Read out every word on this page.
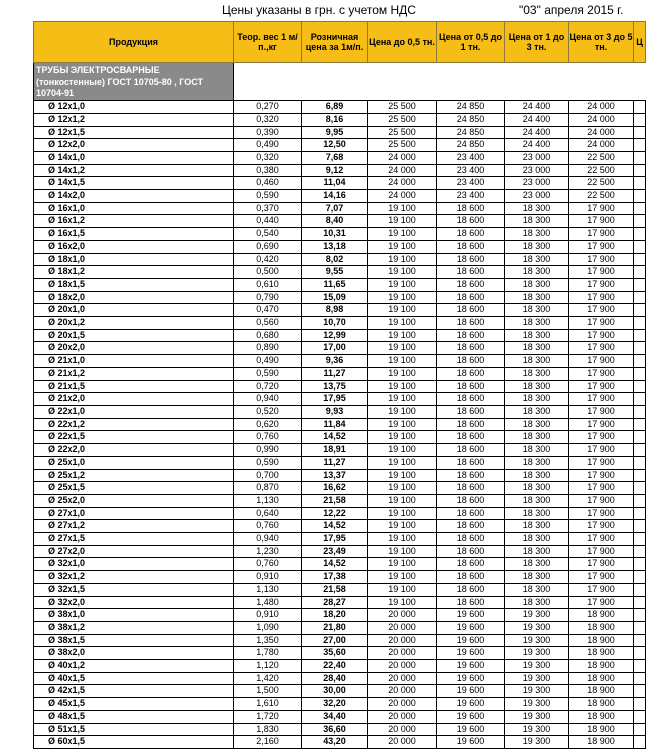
Цены указаны в грн. с учетом НДС	"03" апреля 2015 г.
Продукция	Теор. вес 1 м/п.,кг	Розничная цена за 1м/п.	Цена до 0,5 тн.	Цена от 0,5 до 1 тн.	Цена от 1 до 3 тн.	Цена от 3 до 5 тн.	Ц
ТРУБЫ ЭЛЕКТРОСВАРНЫЕ (тонкостенные) ГОСТ 10705-80 , ГОСТ 10704-91							
Ø 12х1,0	0,270	6,89	25 500	24 850	24 400	24 000	
Ø 12х1,2	0,320	8,16	25 500	24 850	24 400	24 000	
Ø 12х1,5	0,390	9,95	25 500	24 850	24 400	24 000	
Ø 12х2,0	0,490	12,50	25 500	24 850	24 400	24 000	
Ø 14х1,0	0,320	7,68	24 000	23 400	23 000	22 500	
Ø 14х1,2	0,380	9,12	24 000	23 400	23 000	22 500	
Ø 14х1,5	0,460	11,04	24 000	23 400	23 000	22 500	
Ø 14х2,0	0,590	14,16	24 000	23 400	23 000	22 500	
Ø 16х1,0	0,370	7,07	19 100	18 600	18 300	17 900	
Ø 16х1,2	0,440	8,40	19 100	18 600	18 300	17 900	
Ø 16х1,5	0,540	10,31	19 100	18 600	18 300	17 900	
Ø 16х2,0	0,690	13,18	19 100	18 600	18 300	17 900	
Ø 18х1,0	0,420	8,02	19 100	18 600	18 300	17 900	
Ø 18х1,2	0,500	9,55	19 100	18 600	18 300	17 900	
Ø 18х1,5	0,610	11,65	19 100	18 600	18 300	17 900	
Ø 18х2,0	0,790	15,09	19 100	18 600	18 300	17 900	
Ø 20х1,0	0,470	8,98	19 100	18 600	18 300	17 900	
Ø 20х1,2	0,560	10,70	19 100	18 600	18 300	17 900	
Ø 20х1,5	0,680	12,99	19 100	18 600	18 300	17 900	
Ø 20х2,0	0,890	17,00	19 100	18 600	18 300	17 900	
Ø 21х1,0	0,490	9,36	19 100	18 600	18 300	17 900	
Ø 21х1,2	0,590	11,27	19 100	18 600	18 300	17 900	
Ø 21х1,5	0,720	13,75	19 100	18 600	18 300	17 900	
Ø 21х2,0	0,940	17,95	19 100	18 600	18 300	17 900	
Ø 22х1,0	0,520	9,93	19 100	18 600	18 300	17 900	
Ø 22х1,2	0,620	11,84	19 100	18 600	18 300	17 900	
Ø 22х1,5	0,760	14,52	19 100	18 600	18 300	17 900	
Ø 22х2,0	0,990	18,91	19 100	18 600	18 300	17 900	
Ø 25х1,0	0,590	11,27	19 100	18 600	18 300	17 900	
Ø 25х1,2	0,700	13,37	19 100	18 600	18 300	17 900	
Ø 25х1,5	0,870	16,62	19 100	18 600	18 300	17 900	
Ø 25х2,0	1,130	21,58	19 100	18 600	18 300	17 900	
Ø 27х1,0	0,640	12,22	19 100	18 600	18 300	17 900	
Ø 27х1,2	0,760	14,52	19 100	18 600	18 300	17 900	
Ø 27х1,5	0,940	17,95	19 100	18 600	18 300	17 900	
Ø 27х2,0	1,230	23,49	19 100	18 600	18 300	17 900	
Ø 32х1,0	0,760	14,52	19 100	18 600	18 300	17 900	
Ø 32х1,2	0,910	17,38	19 100	18 600	18 300	17 900	
Ø 32х1,5	1,130	21,58	19 100	18 600	18 300	17 900	
Ø 32х2,0	1,480	28,27	19 100	18 600	18 300	17 900	
Ø 38х1,0	0,910	18,20	20 000	19 600	19 300	18 900	
Ø 38х1,2	1,090	21,80	20 000	19 600	19 300	18 900	
Ø 38х1,5	1,350	27,00	20 000	19 600	19 300	18 900	
Ø 38х2,0	1,780	35,60	20 000	19 600	19 300	18 900	
Ø 40х1,2	1,120	22,40	20 000	19 600	19 300	18 900	
Ø 40х1,5	1,420	28,40	20 000	19 600	19 300	18 900	
Ø 42х1,5	1,500	30,00	20 000	19 600	19 300	18 900	
Ø 45х1,5	1,610	32,20	20 000	19 600	19 300	18 900	
Ø 48х1,5	1,720	34,40	20 000	19 600	19 300	18 900	
Ø 51х1,5	1,830	36,60	20 000	19 600	19 300	18 900	
Ø 60х1,5	2,160	43,20	20 000	19 600	19 300	18 900	
